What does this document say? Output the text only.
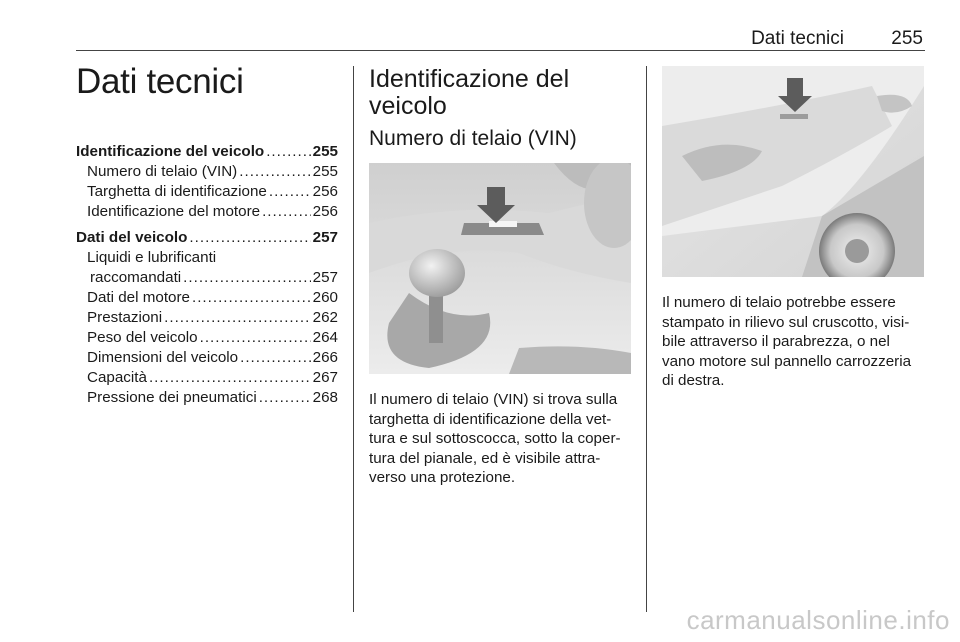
Dati tecnici 255
Dati tecnici
Identificazione del veicolo .....	255
Numero di telaio (VIN) .....	255
Targhetta di identificazione .....	256
Identificazione del motore .....	256
Dati del veicolo .....	257
Liquidi e lubrificanti
raccomandati .....	257
Dati del motore .....	260
Prestazioni .....	262
Peso del veicolo .....	264
Dimensioni del veicolo .....	266
Capacità .....	267
Pressione dei pneumatici .....	268
Identificazione del veicolo
Numero di telaio (VIN)
Il numero di telaio (VIN) si trova sulla targhetta di identificazione della vet-tura e sul sottoscocca, sotto la coper-tura del pianale, ed è visibile attra-verso una protezione.
Il numero di telaio potrebbe essere stampato in rilievo sul cruscotto, visi-bile attraverso il parabrezza, o nel vano motore sul pannello carrozzeria di destra.
carmanualsonline.info
